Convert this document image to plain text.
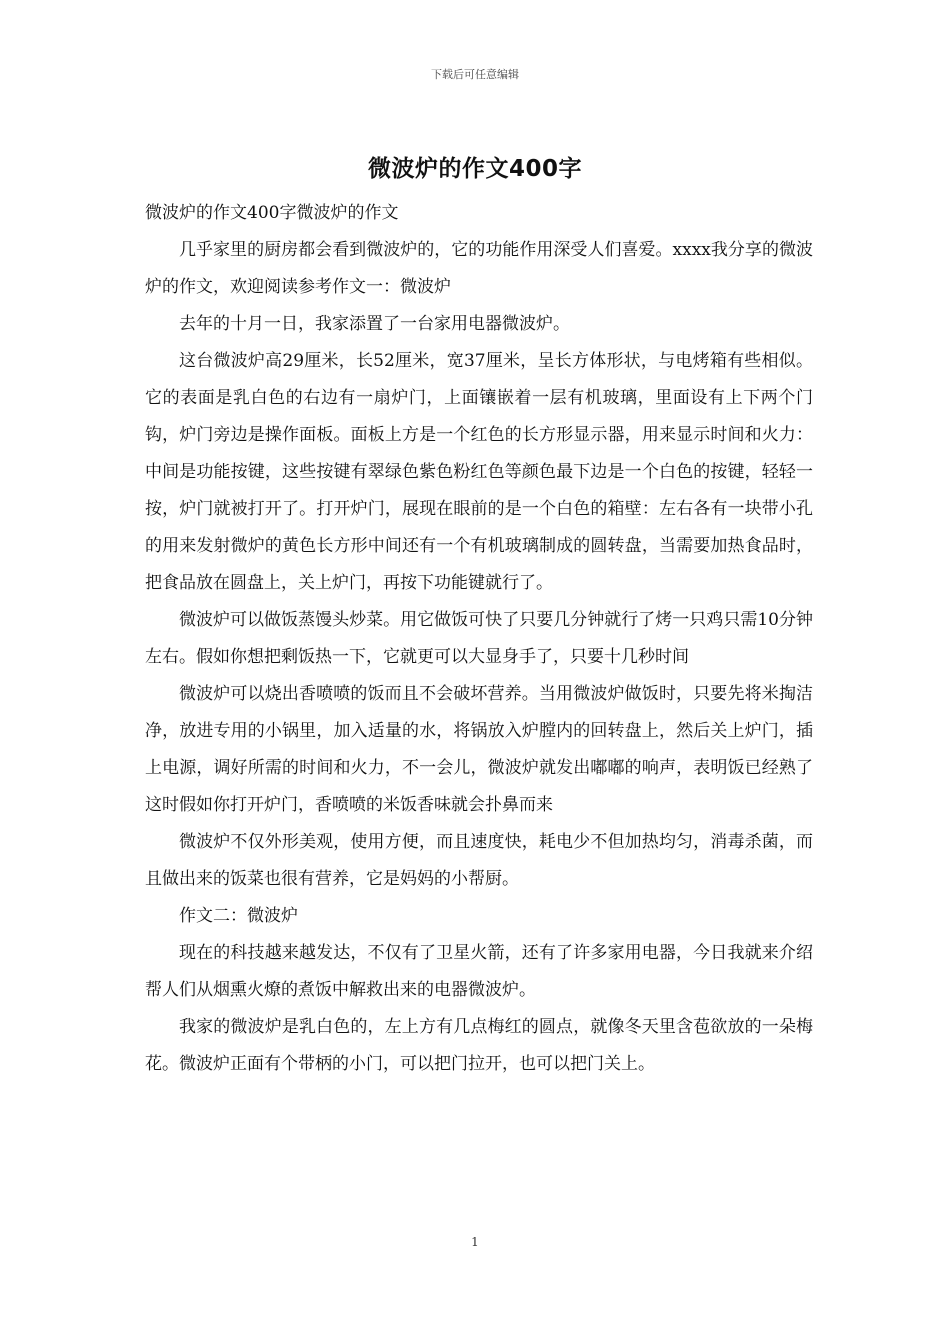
下载后可任意编辑
微波炉的作文400字

微波炉的作文400字微波炉的作文

几乎家里的厨房都会看到微波炉的，它的功能作用深受人们喜爱。xxxx我分享的微波炉的作文，欢迎阅读参考作文一：微波炉

去年的十月一日，我家添置了一台家用电器微波炉。

这台微波炉高29厘米，长52厘米，宽37厘米，呈长方体形状，与电烤箱有些相似。它的表面是乳白色的右边有一扇炉门，上面镶嵌着一层有机玻璃，里面设有上下两个门钩，炉门旁边是操作面板。面板上方是一个红色的长方形显示器，用来显示时间和火力：中间是功能按键，这些按键有翠绿色紫色粉红色等颜色最下边是一个白色的按键，轻轻一按，炉门就被打开了。打开炉门，展现在眼前的是一个白色的箱壁：左右各有一块带小孔的用来发射微炉的黄色长方形中间还有一个有机玻璃制成的圆转盘，当需要加热食品时，把食品放在圆盘上，关上炉门，再按下功能键就行了。

微波炉可以做饭蒸馒头炒菜。用它做饭可快了只要几分钟就行了烤一只鸡只需10分钟左右。假如你想把剩饭热一下，它就更可以大显身手了，只要十几秒时间

微波炉可以烧出香喷喷的饭而且不会破坏营养。当用微波炉做饭时，只要先将米掏洁净，放进专用的小锅里，加入适量的水，将锅放入炉膛内的回转盘上，然后关上炉门，插上电源，调好所需的时间和火力，不一会儿，微波炉就发出嘟嘟的响声，表明饭已经熟了这时假如你打开炉门，香喷喷的米饭香味就会扑鼻而来

微波炉不仅外形美观，使用方便，而且速度快，耗电少不但加热均匀，消毒杀菌，而且做出来的饭菜也很有营养，它是妈妈的小帮厨。

作文二：微波炉

现在的科技越来越发达，不仅有了卫星火箭，还有了许多家用电器，今日我就来介绍帮人们从烟熏火燎的煮饭中解救出来的电器微波炉。

我家的微波炉是乳白色的，左上方有几点梅红的圆点，就像冬天里含苞欲放的一朵梅花。微波炉正面有个带柄的小门，可以把门拉开，也可以把门关上。

1
